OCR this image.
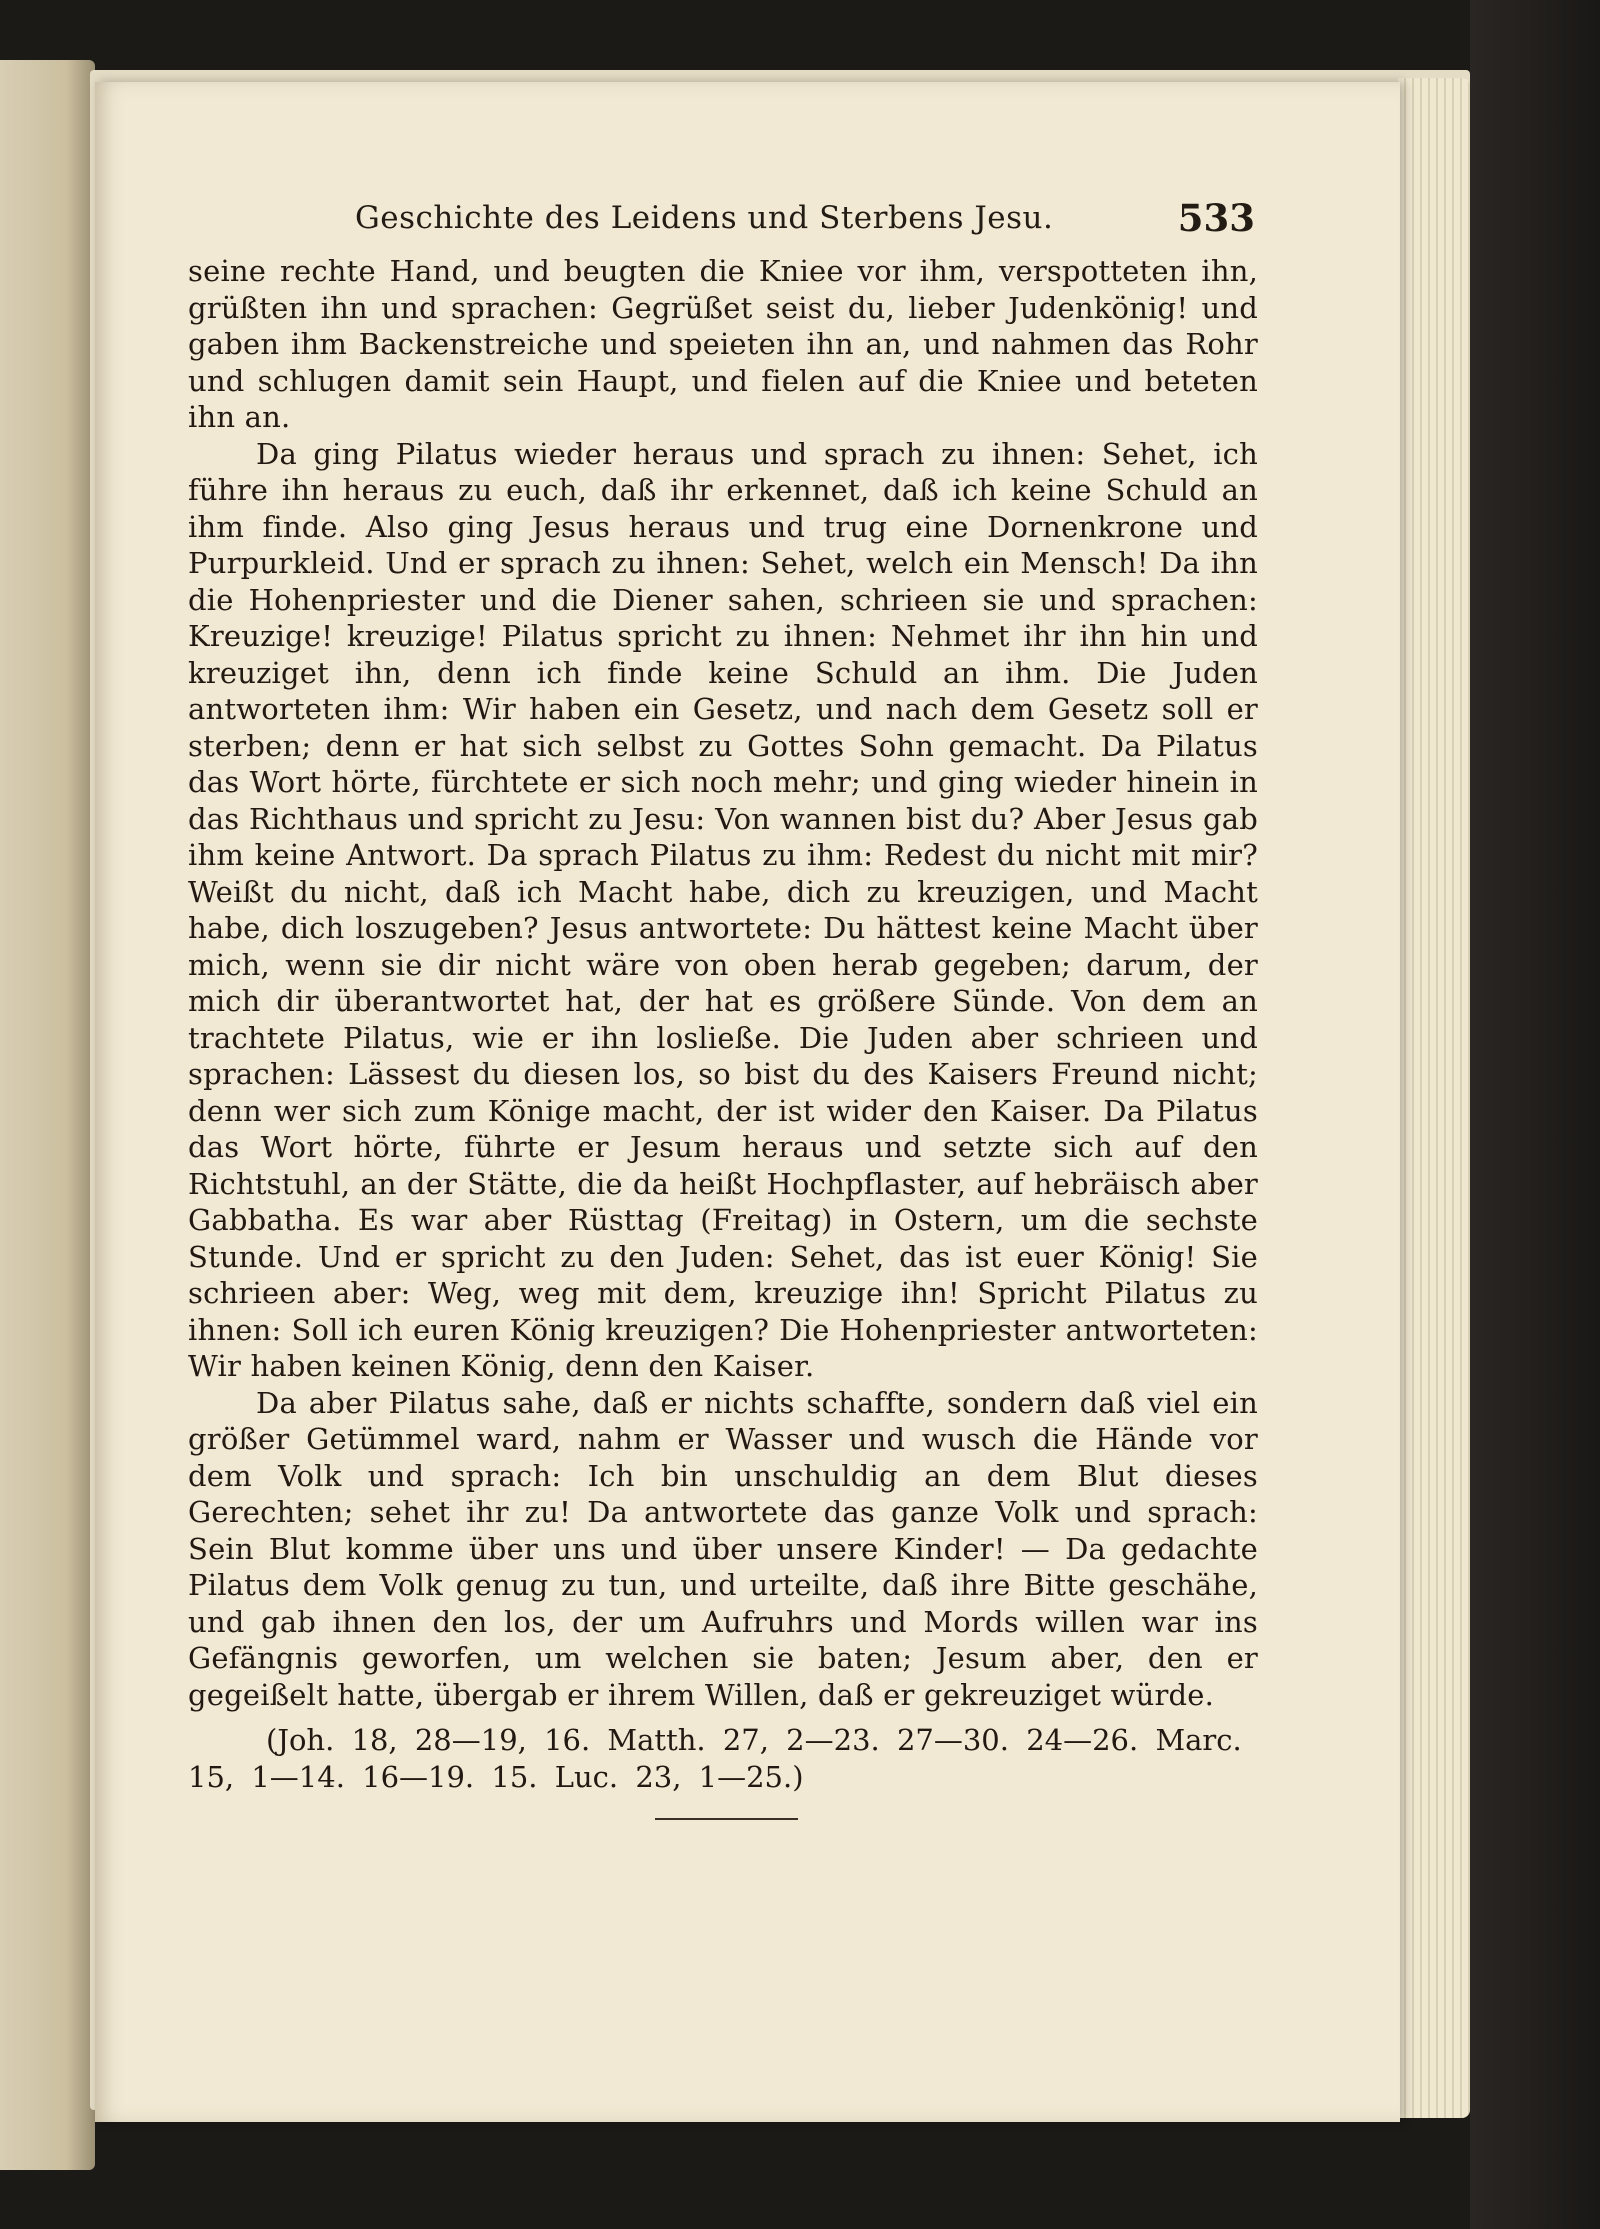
Geschichte des Leidens und Sterbens Jesu.	533

seine rechte Hand, und beugten die Kniee vor ihm, verspotteten ihn, grüßten ihn und sprachen: Gegrüßet seist du, lieber Judenkönig! und gaben ihm Backenstreiche und speieten ihn an, und nahmen das Rohr und schlugen damit sein Haupt, und fielen auf die Kniee und beteten ihn an.

Da ging Pilatus wieder heraus und sprach zu ihnen: Sehet, ich führe ihn heraus zu euch, daß ihr erkennet, daß ich keine Schuld an ihm finde. Also ging Jesus heraus und trug eine Dornenkrone und Purpurkleid. Und er sprach zu ihnen: Sehet, welch ein Mensch! Da ihn die Hohenpriester und die Diener sahen, schrieen sie und sprachen: Kreuzige! kreuzige! Pilatus spricht zu ihnen: Nehmet ihr ihn hin und kreuziget ihn, denn ich finde keine Schuld an ihm. Die Juden antworteten ihm: Wir haben ein Gesetz, und nach dem Gesetz soll er sterben; denn er hat sich selbst zu Gottes Sohn gemacht. Da Pilatus das Wort hörte, fürchtete er sich noch mehr; und ging wieder hinein in das Richthaus und spricht zu Jesu: Von wannen bist du? Aber Jesus gab ihm keine Antwort. Da sprach Pilatus zu ihm: Redest du nicht mit mir? Weißt du nicht, daß ich Macht habe, dich zu kreuzigen, und Macht habe, dich loszugeben? Jesus antwortete: Du hättest keine Macht über mich, wenn sie dir nicht wäre von oben herab gegeben; darum, der mich dir überantwortet hat, der hat es größere Sünde. Von dem an trachtete Pilatus, wie er ihn losließe. Die Juden aber schrieen und sprachen: Lässest du diesen los, so bist du des Kaisers Freund nicht; denn wer sich zum Könige macht, der ist wider den Kaiser. Da Pilatus das Wort hörte, führte er Jesum heraus und setzte sich auf den Richtstuhl, an der Stätte, die da heißt Hochpflaster, auf hebräisch aber Gabbatha. Es war aber Rüsttag (Freitag) in Ostern, um die sechste Stunde. Und er spricht zu den Juden: Sehet, das ist euer König! Sie schrieen aber: Weg, weg mit dem, kreuzige ihn! Spricht Pilatus zu ihnen: Soll ich euren König kreuzigen? Die Hohenpriester antworteten: Wir haben keinen König, denn den Kaiser.

Da aber Pilatus sahe, daß er nichts schaffte, sondern daß viel ein größer Getümmel ward, nahm er Wasser und wusch die Hände vor dem Volk und sprach: Ich bin unschuldig an dem Blut dieses Gerechten; sehet ihr zu! Da antwortete das ganze Volk und sprach: Sein Blut komme über uns und über unsere Kinder! — Da gedachte Pilatus dem Volk genug zu tun, und urteilte, daß ihre Bitte geschähe, und gab ihnen den los, der um Aufruhrs und Mords willen war ins Gefängnis geworfen, um welchen sie baten; Jesum aber, den er gegeißelt hatte, übergab er ihrem Willen, daß er gekreuziget würde.

(Joh. 18, 28—19, 16. Matth. 27, 2—23. 27—30. 24—26. Marc. 15, 1—14. 16—19. 15. Luc. 23, 1—25.)
